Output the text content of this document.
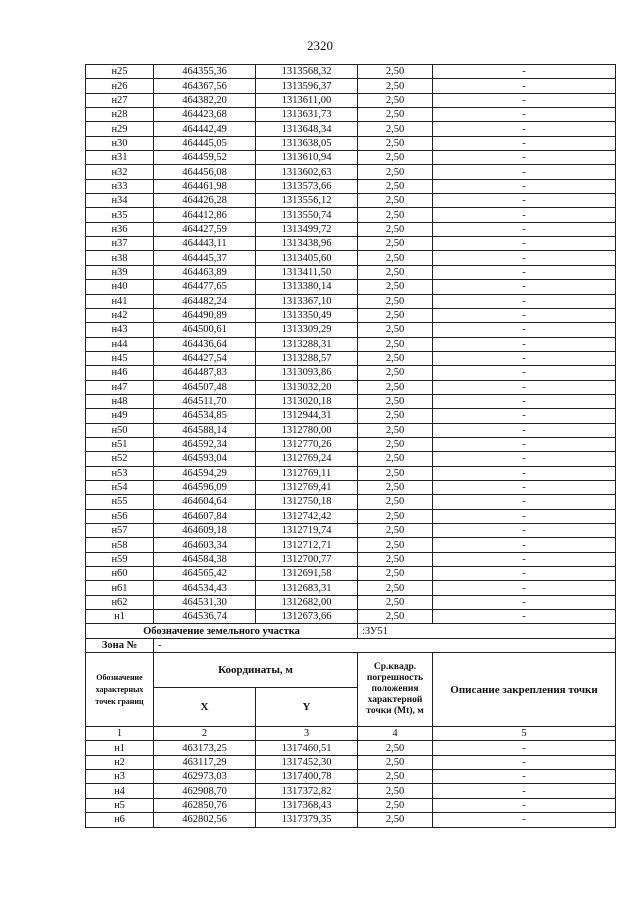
2320
н25	464355,36	1313568,32	2,50	-
н26	464367,56	1313596,37	2,50	-
н27	464382,20	1313611,00	2,50	-
н28	464423,68	1313631,73	2,50	-
н29	464442,49	1313648,34	2,50	-
н30	464445,05	1313638,05	2,50	-
н31	464459,52	1313610,94	2,50	-
н32	464456,08	1313602,63	2,50	-
н33	464461,98	1313573,66	2,50	-
н34	464426,28	1313556,12	2,50	-
н35	464412,86	1313550,74	2,50	-
н36	464427,59	1313499,72	2,50	-
н37	464443,11	1313438,96	2,50	-
н38	464445,37	1313405,60	2,50	-
н39	464463,89	1313411,50	2,50	-
н40	464477,65	1313380,14	2,50	-
н41	464482,24	1313367,10	2,50	-
н42	464490,89	1313350,49	2,50	-
н43	464500,61	1313309,29	2,50	-
н44	464436,64	1313288,31	2,50	-
н45	464427,54	1313288,57	2,50	-
н46	464487,83	1313093,86	2,50	-
н47	464507,48	1313032,20	2,50	-
н48	464511,70	1313020,18	2,50	-
н49	464534,85	1312944,31	2,50	-
н50	464588,14	1312780,00	2,50	-
н51	464592,34	1312770,26	2,50	-
н52	464593,04	1312769,24	2,50	-
н53	464594,29	1312769,11	2,50	-
н54	464596,09	1312769,41	2,50	-
н55	464604,64	1312750,18	2,50	-
н56	464607,84	1312742,42	2,50	-
н57	464609,18	1312719,74	2,50	-
н58	464603,34	1312712,71	2,50	-
н59	464584,38	1312700,77	2,50	-
н60	464565,42	1312691,58	2,50	-
н61	464534,43	1312683,31	2,50	-
н62	464531,30	1312682,00	2,50	-
н1	464536,74	1312673,66	2,50	-
Обозначение земельного участка			:ЗУ51	
Зона №	-			
Обозначение характерных точек границ	Координаты, м		Ср.квадр. погрешность положения характерной точки (Mt), м	Описание закрепления точки
	X	Y		
1	2	3	4	5
н1	463173,25	1317460,51	2,50	-
н2	463117,29	1317452,30	2,50	-
н3	462973,03	1317400,78	2,50	-
н4	462908,70	1317372,82	2,50	-
н5	462850,76	1317368,43	2,50	-
н6	462802,56	1317379,35	2,50	-
